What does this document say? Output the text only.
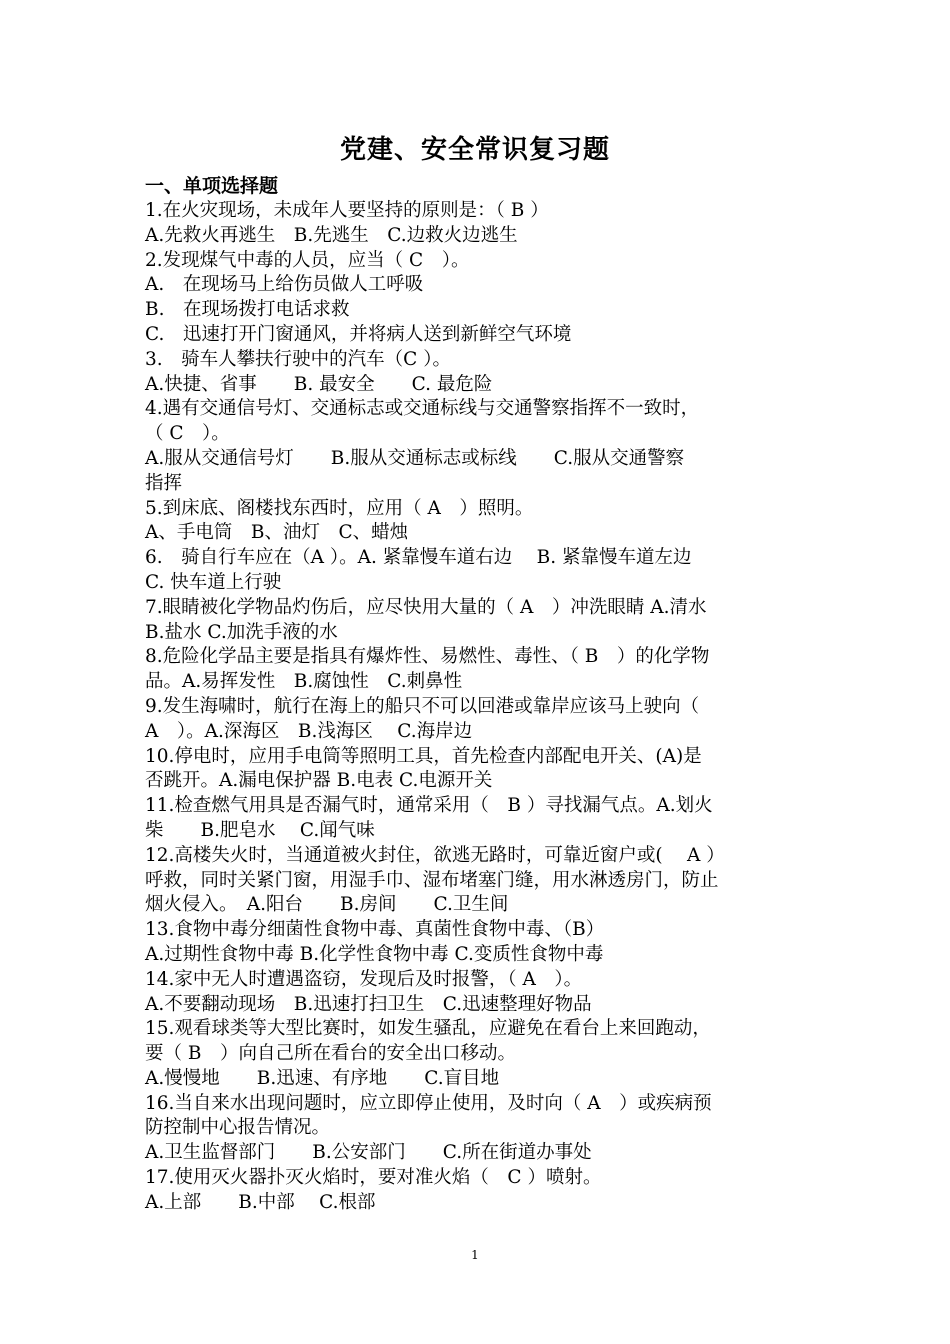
党建、安全常识复习题
一、单项选择题
1.在火灾现场，未成年人要坚持的原则是：（ B ）
A.先救火再逃生　B.先逃生　C.边救火边逃生
2.发现煤气中毒的人员，应当（ C　）。
A.　在现场马上给伤员做人工呼吸
B.　在现场拨打电话求救
C.　迅速打开门窗通风，并将病人送到新鲜空气环境
3.　骑车人攀扶行驶中的汽车（C ）。
A.快捷、省事　　B. 最安全　　C. 最危险
4.遇有交通信号灯、交通标志或交通标线与交通警察指挥不一致时，
（ C　）。
A.服从交通信号灯　　B.服从交通标志或标线　　C.服从交通警察
指挥
5.到床底、阁楼找东西时，应用（ A　）照明。
A、手电筒　B、油灯　C、蜡烛
6.　骑自行车应在（A ）。A. 紧靠慢车道右边　 B. 紧靠慢车道左边
C. 快车道上行驶
7.眼睛被化学物品灼伤后，应尽快用大量的（ A　）冲洗眼睛 A.清水
B.盐水 C.加洗手液的水
8.危险化学品主要是指具有爆炸性、易燃性、毒性、（ B　）的化学物
品。A.易挥发性　B.腐蚀性　C.刺鼻性
9.发生海啸时，航行在海上的船只不可以回港或靠岸应该马上驶向（
A　）。A.深海区　B.浅海区　 C.海岸边
10.停电时，应用手电筒等照明工具，首先检查内部配电开关、(A)是
否跳开。A.漏电保护器 B.电表 C.电源开关
11.检查燃气用具是否漏气时，通常采用（　B ）寻找漏气点。A.划火
柴　　B.肥皂水　 C.闻气味
12.高楼失火时，当通道被火封住，欲逃无路时，可靠近窗户或(　 A ）
呼救，同时关紧门窗，用湿手巾、湿布堵塞门缝，用水淋透房门，防止
烟火侵入。　A.阳台　　B.房间　　C.卫生间
13.食物中毒分细菌性食物中毒、真菌性食物中毒、（B）
A.过期性食物中毒 B.化学性食物中毒 C.变质性食物中毒
14.家中无人时遭遇盗窃，发现后及时报警，（ A　）。
A.不要翻动现场　B.迅速打扫卫生　C.迅速整理好物品
15.观看球类等大型比赛时，如发生骚乱，应避免在看台上来回跑动，
要（ B　）向自己所在看台的安全出口移动。
A.慢慢地　　B.迅速、有序地　　C.盲目地
16.当自来水出现问题时，应立即停止使用，及时向（ A　）或疾病预
防控制中心报告情况。
A.卫生监督部门　　B.公安部门　　C.所在街道办事处
17.使用灭火器扑灭火焰时，要对准火焰（　C ）喷射。
A.上部　　B.中部　 C.根部
1
